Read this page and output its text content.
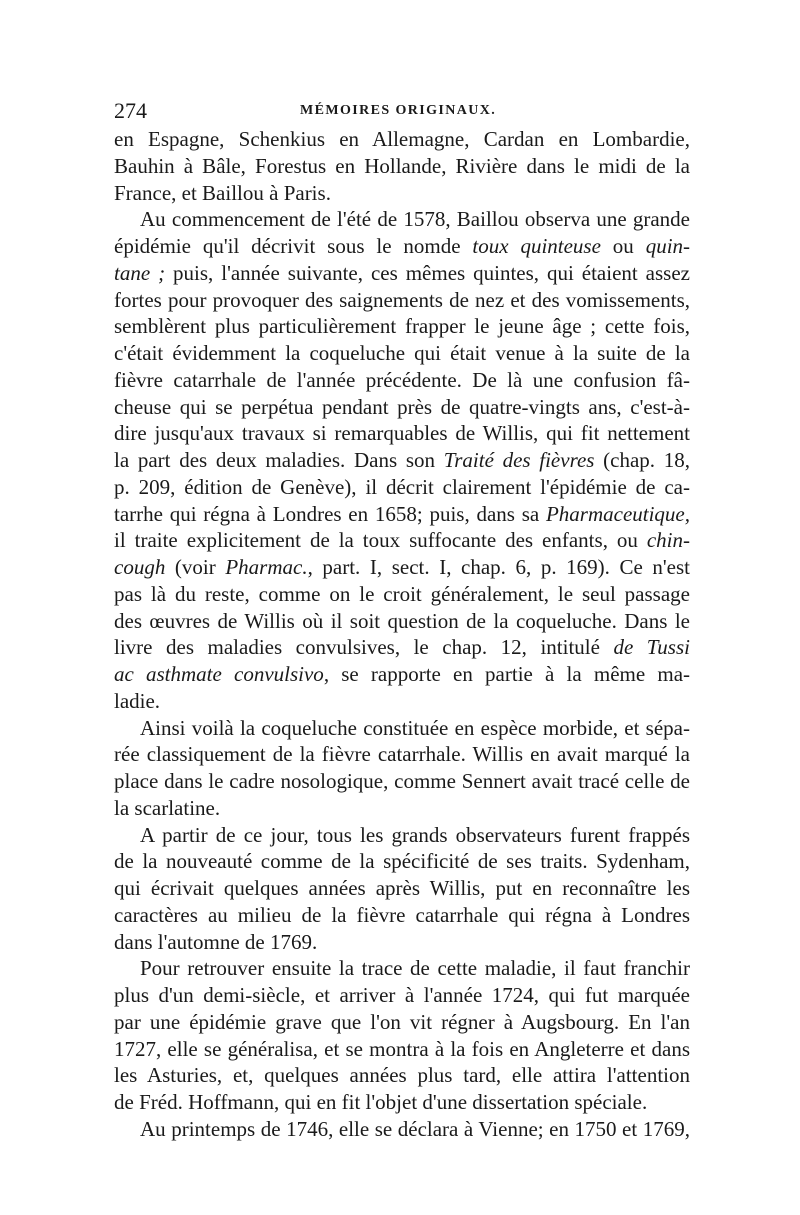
274	MÉMOIRES ORIGINAUX.
en Espagne, Schenkius en Allemagne, Cardan en Lombardie,
Bauhin à Bâle, Forestus en Hollande, Rivière dans le midi de la
France, et Baillou à Paris.
Au commencement de l'été de 1578, Baillou observa une grande
épidémie qu'il décrivit sous le nomde toux quinteuse ou quin-
tane ; puis, l'année suivante, ces mêmes quintes, qui étaient assez
fortes pour provoquer des saignements de nez et des vomissements,
semblèrent plus particulièrement frapper le jeune âge ; cette fois,
c'était évidemment la coqueluche qui était venue à la suite de la
fièvre catarrhale de l'année précédente. De là une confusion fâ-
cheuse qui se perpétua pendant près de quatre-vingts ans, c'est-à-
dire jusqu'aux travaux si remarquables de Willis, qui fit nettement
la part des deux maladies. Dans son Traité des fièvres (chap. 18,
p. 209, édition de Genève), il décrit clairement l'épidémie de ca-
tarrhe qui régna à Londres en 1658; puis, dans sa Pharmaceutique,
il traite explicitement de la toux suffocante des enfants, ou chin-
cough (voir Pharmac., part. I, sect. I, chap. 6, p. 169). Ce n'est
pas là du reste, comme on le croit généralement, le seul passage
des œuvres de Willis où il soit question de la coqueluche. Dans le
livre des maladies convulsives, le chap. 12, intitulé de Tussi
ac asthmate convulsivo, se rapporte en partie à la même ma-
ladie.
Ainsi voilà la coqueluche constituée en espèce morbide, et sépa-
rée classiquement de la fièvre catarrhale. Willis en avait marqué la
place dans le cadre nosologique, comme Sennert avait tracé celle de
la scarlatine.
A partir de ce jour, tous les grands observateurs furent frappés
de la nouveauté comme de la spécificité de ses traits. Sydenham,
qui écrivait quelques années après Willis, put en reconnaître les
caractères au milieu de la fièvre catarrhale qui régna à Londres
dans l'automne de 1769.
Pour retrouver ensuite la trace de cette maladie, il faut franchir
plus d'un demi-siècle, et arriver à l'année 1724, qui fut marquée
par une épidémie grave que l'on vit régner à Augsbourg. En l'an
1727, elle se généralisa, et se montra à la fois en Angleterre et dans
les Asturies, et, quelques années plus tard, elle attira l'attention
de Fréd. Hoffmann, qui en fit l'objet d'une dissertation spéciale.
Au printemps de 1746, elle se déclara à Vienne; en 1750 et 1769,
